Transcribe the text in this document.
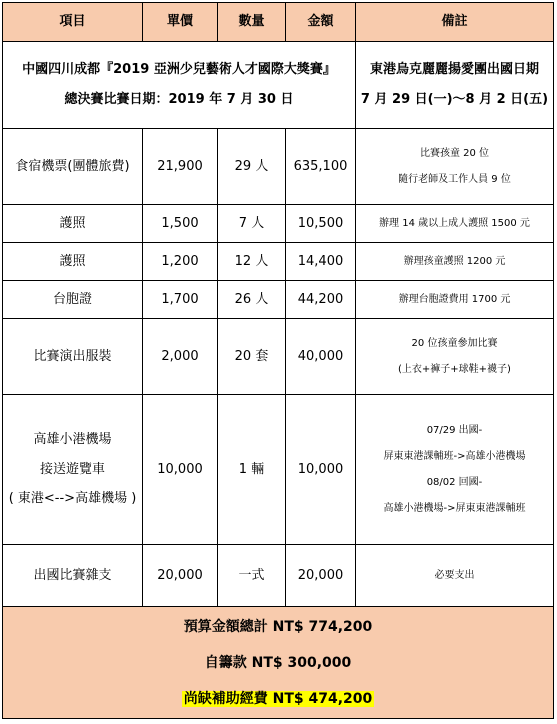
項目	單價	數量	金額	備註

中國四川成都『2019 亞洲少兒藝術人才國際大獎賽』
總決賽比賽日期：2019 年 7 月 30 日				東港烏克麗麗揚愛團出國日期
7 月 29 日(一)～8 月 2 日(五)

食宿機票(團體旅費)	21,900	29 人	635,100	比賽孩童 20 位
隨行老師及工作人員 9 位

護照	1,500	7 人	10,500	辦理 14 歲以上成人護照 1500 元

護照	1,200	12 人	14,400	辦理孩童護照 1200 元

台胞證	1,700	26 人	44,200	辦理台胞證費用 1700 元

比賽演出服裝	2,000	20 套	40,000	20 位孩童參加比賽
(上衣+褲子+球鞋+襪子)

高雄小港機場
接送遊覽車
( 東港<-->高雄機場 )	10,000	1 輛	10,000	07/29 出國-
屏東東港課輔班->高雄小港機場
08/02 回國-
高雄小港機場->屏東東港課輔班

出國比賽雜支	20,000	一式	20,000	必要支出

預算金額總計 NT$ 774,200
自籌款 NT$ 300,000
尚缺補助經費 NT$ 474,200				
